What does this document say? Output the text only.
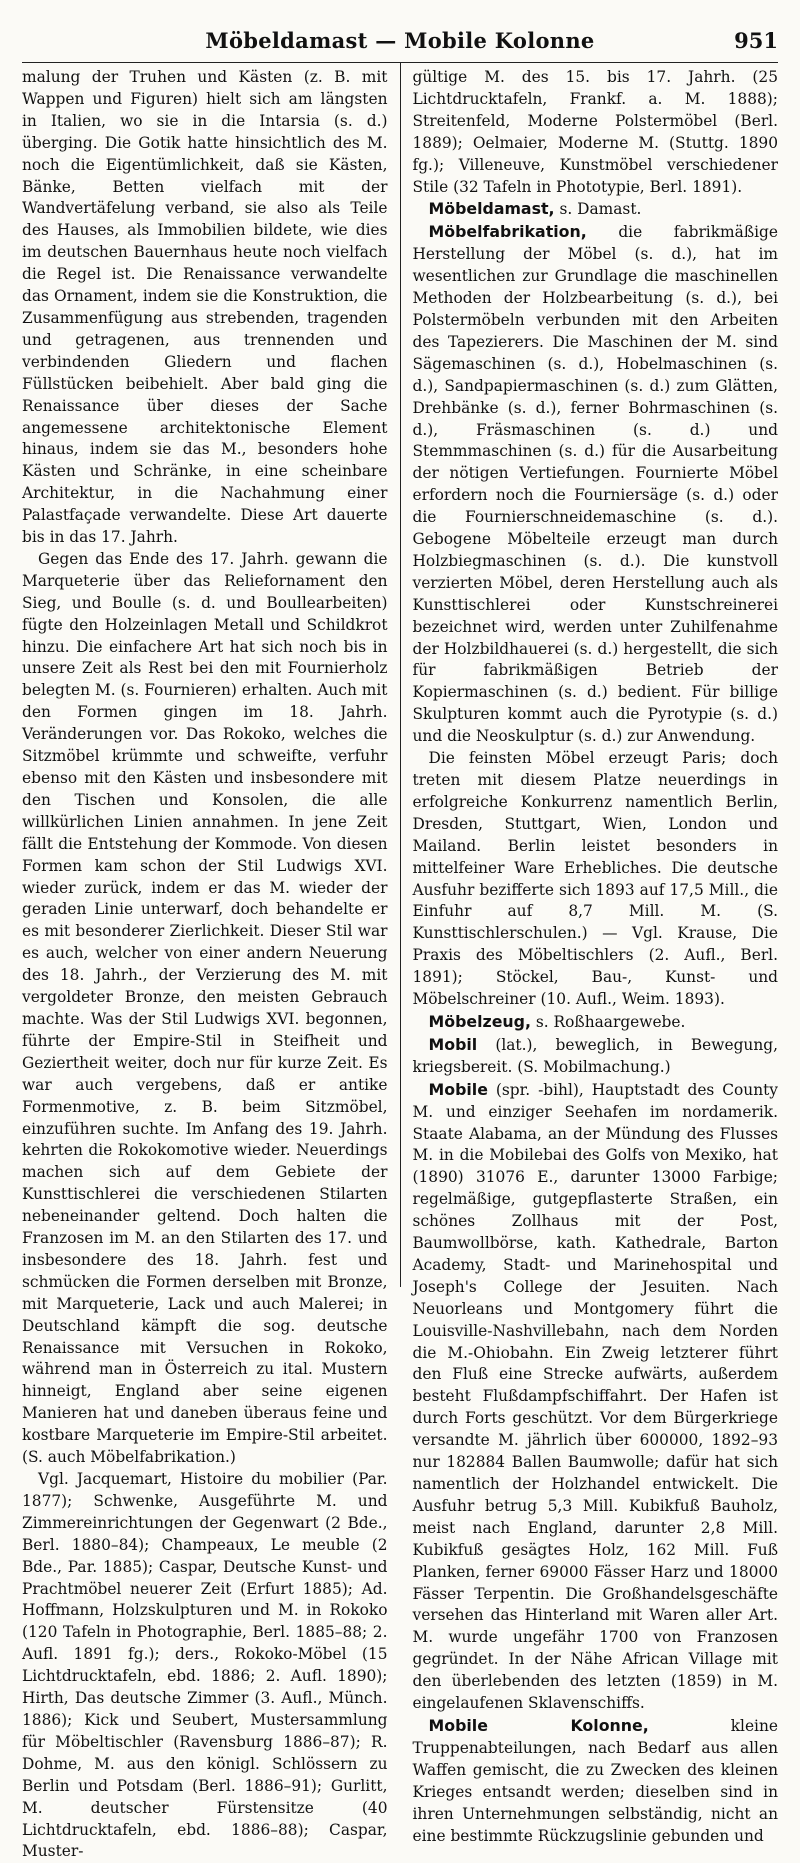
Möbeldamast — Mobile Kolonne	951

malung der Truhen und Kästen (z. B. mit Wappen und Figuren) hielt sich am längsten in Italien, wo sie in die Intarsia (s. d.) überging. Die Gotik hatte hinsichtlich des M. noch die Eigentümlichkeit, daß sie Kästen, Bänke, Betten vielfach mit der Wandvertäfelung verband, sie also als Teile des Hauses, als Immobilien bildete, wie dies im deutschen Bauernhaus heute noch vielfach die Regel ist. Die Renaissance verwandelte das Ornament, indem sie die Konstruktion, die Zusammenfügung aus strebenden, tragenden und getragenen, aus trennenden und verbindenden Gliedern und flachen Füllstücken beibehielt. Aber bald ging die Renaissance über dieses der Sache angemessene architektonische Element hinaus, indem sie das M., besonders hohe Kästen und Schränke, in eine scheinbare Architektur, in die Nachahmung einer Palastfaçade verwandelte. Diese Art dauerte bis in das 17. Jahrh.

Gegen das Ende des 17. Jahrh. gewann die Marqueterie über das Reliefornament den Sieg, und Boulle (s. d. und Boullearbeiten) fügte den Holzeinlagen Metall und Schildkrot hinzu. Die einfachere Art hat sich noch bis in unsere Zeit als Rest bei den mit Fournierholz belegten M. (s. Fournieren) erhalten. Auch mit den Formen gingen im 18. Jahrh. Veränderungen vor. Das Rokoko, welches die Sitzmöbel krümmte und schweifte, verfuhr ebenso mit den Kästen und insbesondere mit den Tischen und Konsolen, die alle willkürlichen Linien annahmen. In jene Zeit fällt die Entstehung der Kommode. Von diesen Formen kam schon der Stil Ludwigs XVI. wieder zurück, indem er das M. wieder der geraden Linie unterwarf, doch behandelte er es mit besonderer Zierlichkeit. Dieser Stil war es auch, welcher von einer andern Neuerung des 18. Jahrh., der Verzierung des M. mit vergoldeter Bronze, den meisten Gebrauch machte. Was der Stil Ludwigs XVI. begonnen, führte der Empire-Stil in Steifheit und Geziertheit weiter, doch nur für kurze Zeit. Es war auch vergebens, daß er antike Formenmotive, z. B. beim Sitzmöbel, einzuführen suchte. Im Anfang des 19. Jahrh. kehrten die Rokokomotive wieder. Neuerdings machen sich auf dem Gebiete der Kunsttischlerei die verschiedenen Stilarten nebeneinander geltend. Doch halten die Franzosen im M. an den Stilarten des 17. und insbesondere des 18. Jahrh. fest und schmücken die Formen derselben mit Bronze, mit Marqueterie, Lack und auch Malerei; in Deutschland kämpft die sog. deutsche Renaissance mit Versuchen in Rokoko, während man in Österreich zu ital. Mustern hinneigt, England aber seine eigenen Manieren hat und daneben überaus feine und kostbare Marqueterie im Empire-Stil arbeitet. (S. auch Möbelfabrikation.)

Vgl. Jacquemart, Histoire du mobilier (Par. 1877); Schwenke, Ausgeführte M. und Zimmereinrichtungen der Gegenwart (2 Bde., Berl. 1880–84); Champeaux, Le meuble (2 Bde., Par. 1885); Caspar, Deutsche Kunst- und Prachtmöbel neuerer Zeit (Erfurt 1885); Ad. Hoffmann, Holzskulpturen und M. in Rokoko (120 Tafeln in Photographie, Berl. 1885–88; 2. Aufl. 1891 fg.); ders., Rokoko-Möbel (15 Lichtdrucktafeln, ebd. 1886; 2. Aufl. 1890); Hirth, Das deutsche Zimmer (3. Aufl., Münch. 1886); Kick und Seubert, Mustersammlung für Möbeltischler (Ravensburg 1886–87); R. Dohme, M. aus den königl. Schlössern zu Berlin und Potsdam (Berl. 1886–91); Gurlitt, M. deutscher Fürstensitze (40 Lichtdrucktafeln, ebd. 1886–88); Caspar, Muster-

gültige M. des 15. bis 17. Jahrh. (25 Lichtdrucktafeln, Frankf. a. M. 1888); Streitenfeld, Moderne Polstermöbel (Berl. 1889); Oelmaier, Moderne M. (Stuttg. 1890 fg.); Villeneuve, Kunstmöbel verschiedener Stile (32 Tafeln in Phototypie, Berl. 1891).

Möbeldamast, s. Damast.

Möbelfabrikation, die fabrikmäßige Herstellung der Möbel (s. d.), hat im wesentlichen zur Grundlage die maschinellen Methoden der Holzbearbeitung (s. d.), bei Polstermöbeln verbunden mit den Arbeiten des Tapezierers. Die Maschinen der M. sind Sägemaschinen (s. d.), Hobelmaschinen (s. d.), Sandpapiermaschinen (s. d.) zum Glätten, Drehbänke (s. d.), ferner Bohrmaschinen (s. d.), Fräsmaschinen (s. d.) und Stemmmaschinen (s. d.) für die Ausarbeitung der nötigen Vertiefungen. Fournierte Möbel erfordern noch die Fourniersäge (s. d.) oder die Fournierschneidemaschine (s. d.). Gebogene Möbelteile erzeugt man durch Holzbiegmaschinen (s. d.). Die kunstvoll verzierten Möbel, deren Herstellung auch als Kunsttischlerei oder Kunstschreinerei bezeichnet wird, werden unter Zuhilfenahme der Holzbildhauerei (s. d.) hergestellt, die sich für fabrikmäßigen Betrieb der Kopiermaschinen (s. d.) bedient. Für billige Skulpturen kommt auch die Pyrotypie (s. d.) und die Neoskulptur (s. d.) zur Anwendung.

Die feinsten Möbel erzeugt Paris; doch treten mit diesem Platze neuerdings in erfolgreiche Konkurrenz namentlich Berlin, Dresden, Stuttgart, Wien, London und Mailand. Berlin leistet besonders in mittelfeiner Ware Erhebliches. Die deutsche Ausfuhr bezifferte sich 1893 auf 17,5 Mill., die Einfuhr auf 8,7 Mill. M. (S. Kunsttischlerschulen.) — Vgl. Krause, Die Praxis des Möbeltischlers (2. Aufl., Berl. 1891); Stöckel, Bau-, Kunst- und Möbelschreiner (10. Aufl., Weim. 1893).

Möbelzeug, s. Roßhaargewebe.

Mobil (lat.), beweglich, in Bewegung, kriegsbereit. (S. Mobilmachung.)

Mobile (spr. -bihl), Hauptstadt des County M. und einziger Seehafen im nordamerik. Staate Alabama, an der Mündung des Flusses M. in die Mobilebai des Golfs von Mexiko, hat (1890) 31076 E., darunter 13000 Farbige; regelmäßige, gutgepflasterte Straßen, ein schönes Zollhaus mit der Post, Baumwollbörse, kath. Kathedrale, Barton Academy, Stadt- und Marinehospital und Joseph's College der Jesuiten. Nach Neuorleans und Montgomery führt die Louisville-Nashvillebahn, nach dem Norden die M.-Ohiobahn. Ein Zweig letzterer führt den Fluß eine Strecke aufwärts, außerdem besteht Flußdampfschiffahrt. Der Hafen ist durch Forts geschützt. Vor dem Bürgerkriege versandte M. jährlich über 600000, 1892–93 nur 182884 Ballen Baumwolle; dafür hat sich namentlich der Holzhandel entwickelt. Die Ausfuhr betrug 5,3 Mill. Kubikfuß Bauholz, meist nach England, darunter 2,8 Mill. Kubikfuß gesägtes Holz, 162 Mill. Fuß Planken, ferner 69000 Fässer Harz und 18000 Fässer Terpentin. Die Großhandelsgeschäfte versehen das Hinterland mit Waren aller Art. M. wurde ungefähr 1700 von Franzosen gegründet. In der Nähe African Village mit den überlebenden des letzten (1859) in M. eingelaufenen Sklavenschiffs.

Mobile Kolonne, kleine Truppenabteilungen, nach Bedarf aus allen Waffen gemischt, die zu Zwecken des kleinen Krieges entsandt werden; dieselben sind in ihren Unternehmungen selbständig, nicht an eine bestimmte Rückzugslinie gebunden und
